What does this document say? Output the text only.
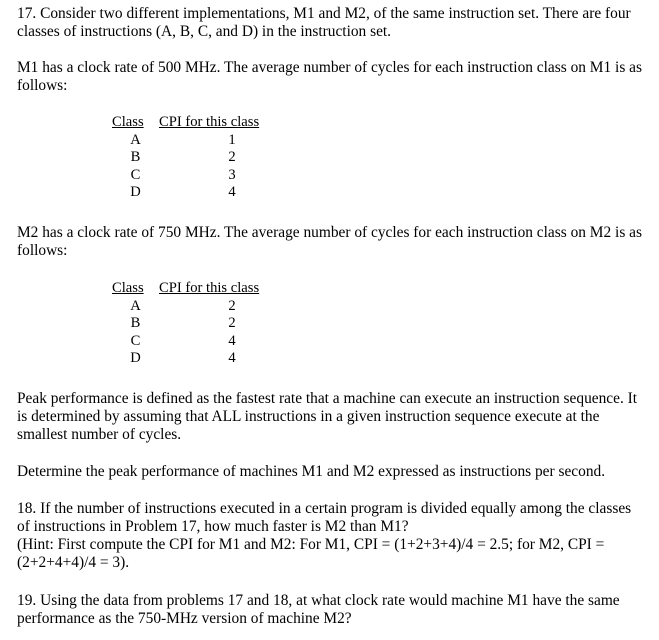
17. Consider two different implementations, M1 and M2, of the same instruction set. There are four classes of instructions (A, B, C, and D) in the instruction set.

M1 has a clock rate of 500 MHz. The average number of cycles for each instruction class on M1 is as follows:

Class	CPI for this class
A	1
B	2
C	3
D	4

M2 has a clock rate of 750 MHz. The average number of cycles for each instruction class on M2 is as follows:

Class	CPI for this class
A	2
B	2
C	4
D	4

Peak performance is defined as the fastest rate that a machine can execute an instruction sequence. It is determined by assuming that ALL instructions in a given instruction sequence execute at the smallest number of cycles.

Determine the peak performance of machines M1 and M2 expressed as instructions per second.

18. If the number of instructions executed in a certain program is divided equally among the classes of instructions in Problem 17, how much faster is M2 than M1?
(Hint: First compute the CPI for M1 and M2: For M1, CPI = (1+2+3+4)/4 = 2.5; for M2, CPI = (2+2+4+4)/4 = 3).

19. Using the data from problems 17 and 18, at what clock rate would machine M1 have the same performance as the 750-MHz version of machine M2?
